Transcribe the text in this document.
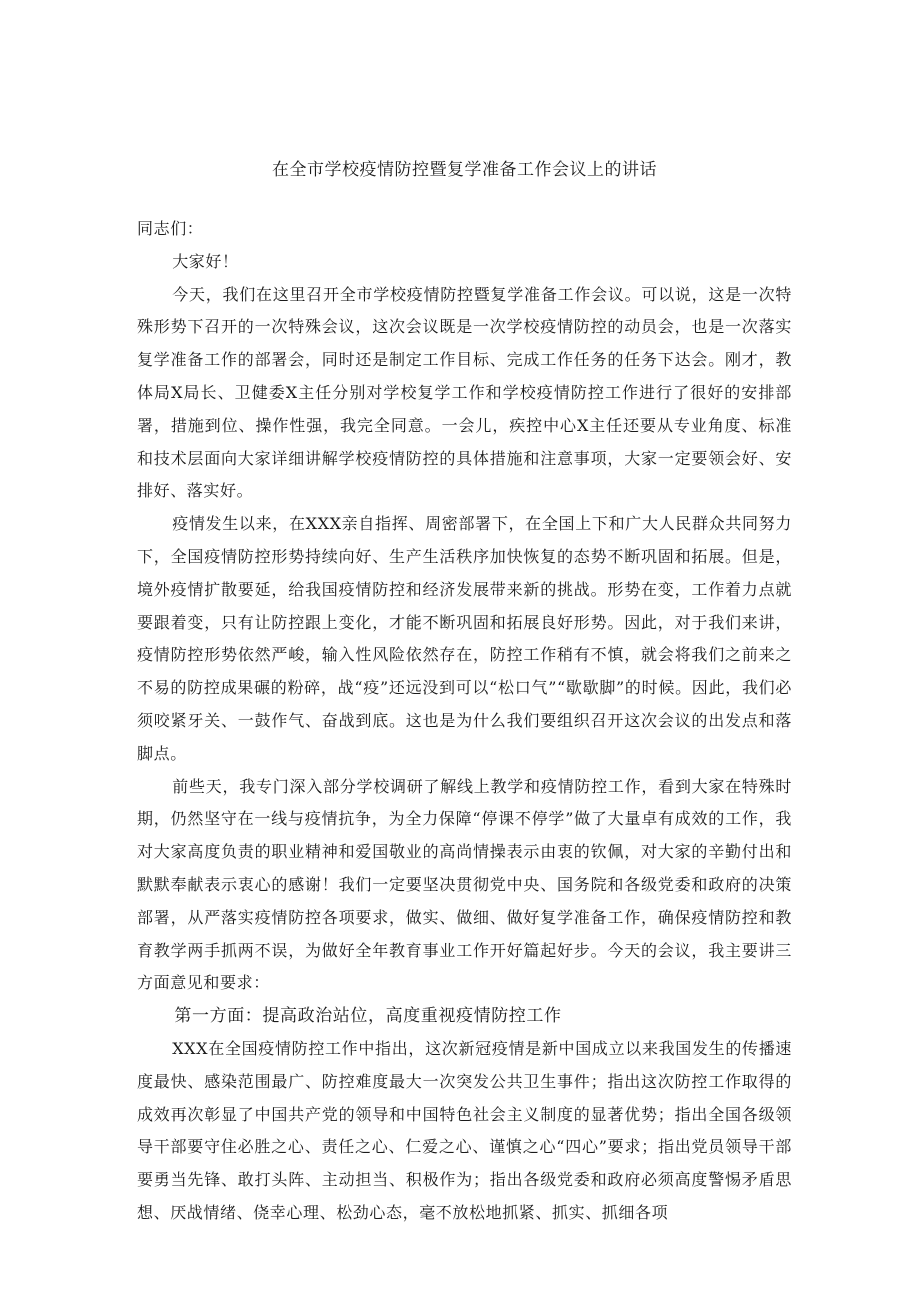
在全市学校疫情防控暨复学准备工作会议上的讲话

同志们：

大家好！

今天，我们在这里召开全市学校疫情防控暨复学准备工作会议。可以说，这是一次特殊形势下召开的一次特殊会议，这次会议既是一次学校疫情防控的动员会，也是一次落实复学准备工作的部署会，同时还是制定工作目标、完成工作任务的任务下达会。刚才，教体局X局长、卫健委X主任分别对学校复学工作和学校疫情防控工作进行了很好的安排部署，措施到位、操作性强，我完全同意。一会儿，疾控中心X主任还要从专业角度、标准和技术层面向大家详细讲解学校疫情防控的具体措施和注意事项，大家一定要领会好、安排好、落实好。

疫情发生以来，在XXX亲自指挥、周密部署下，在全国上下和广大人民群众共同努力下，全国疫情防控形势持续向好、生产生活秩序加快恢复的态势不断巩固和拓展。但是，境外疫情扩散要延，给我国疫情防控和经济发展带来新的挑战。形势在变，工作着力点就要跟着变，只有让防控跟上变化，才能不断巩固和拓展良好形势。因此，对于我们来讲，疫情防控形势依然严峻，输入性风险依然存在，防控工作稍有不慎，就会将我们之前来之不易的防控成果碾的粉碎，战“疫”还远没到可以“松口气”“歇歇脚”的时候。因此，我们必须咬紧牙关、一鼓作气、奋战到底。这也是为什么我们要组织召开这次会议的出发点和落脚点。

前些天，我专门深入部分学校调研了解线上教学和疫情防控工作，看到大家在特殊时期，仍然坚守在一线与疫情抗争，为全力保障“停课不停学”做了大量卓有成效的工作，我对大家高度负责的职业精神和爱国敬业的高尚情操表示由衷的钦佩，对大家的辛勤付出和默默奉献表示衷心的感谢！我们一定要坚决贯彻党中央、国务院和各级党委和政府的决策部署，从严落实疫情防控各项要求，做实、做细、做好复学准备工作，确保疫情防控和教育教学两手抓两不误，为做好全年教育事业工作开好篇起好步。今天的会议，我主要讲三方面意见和要求：

第一方面：提高政治站位，高度重视疫情防控工作

XXX在全国疫情防控工作中指出，这次新冠疫情是新中国成立以来我国发生的传播速度最快、感染范围最广、防控难度最大一次突发公共卫生事件；指出这次防控工作取得的成效再次彰显了中国共产党的领导和中国特色社会主义制度的显著优势；指出全国各级领导干部要守住必胜之心、责任之心、仁爱之心、谨慎之心“四心”要求；指出党员领导干部要勇当先锋、敢打头阵、主动担当、积极作为；指出各级党委和政府必须高度警惕矛盾思想、厌战情绪、侥幸心理、松劲心态，毫不放松地抓紧、抓实、抓细各项
